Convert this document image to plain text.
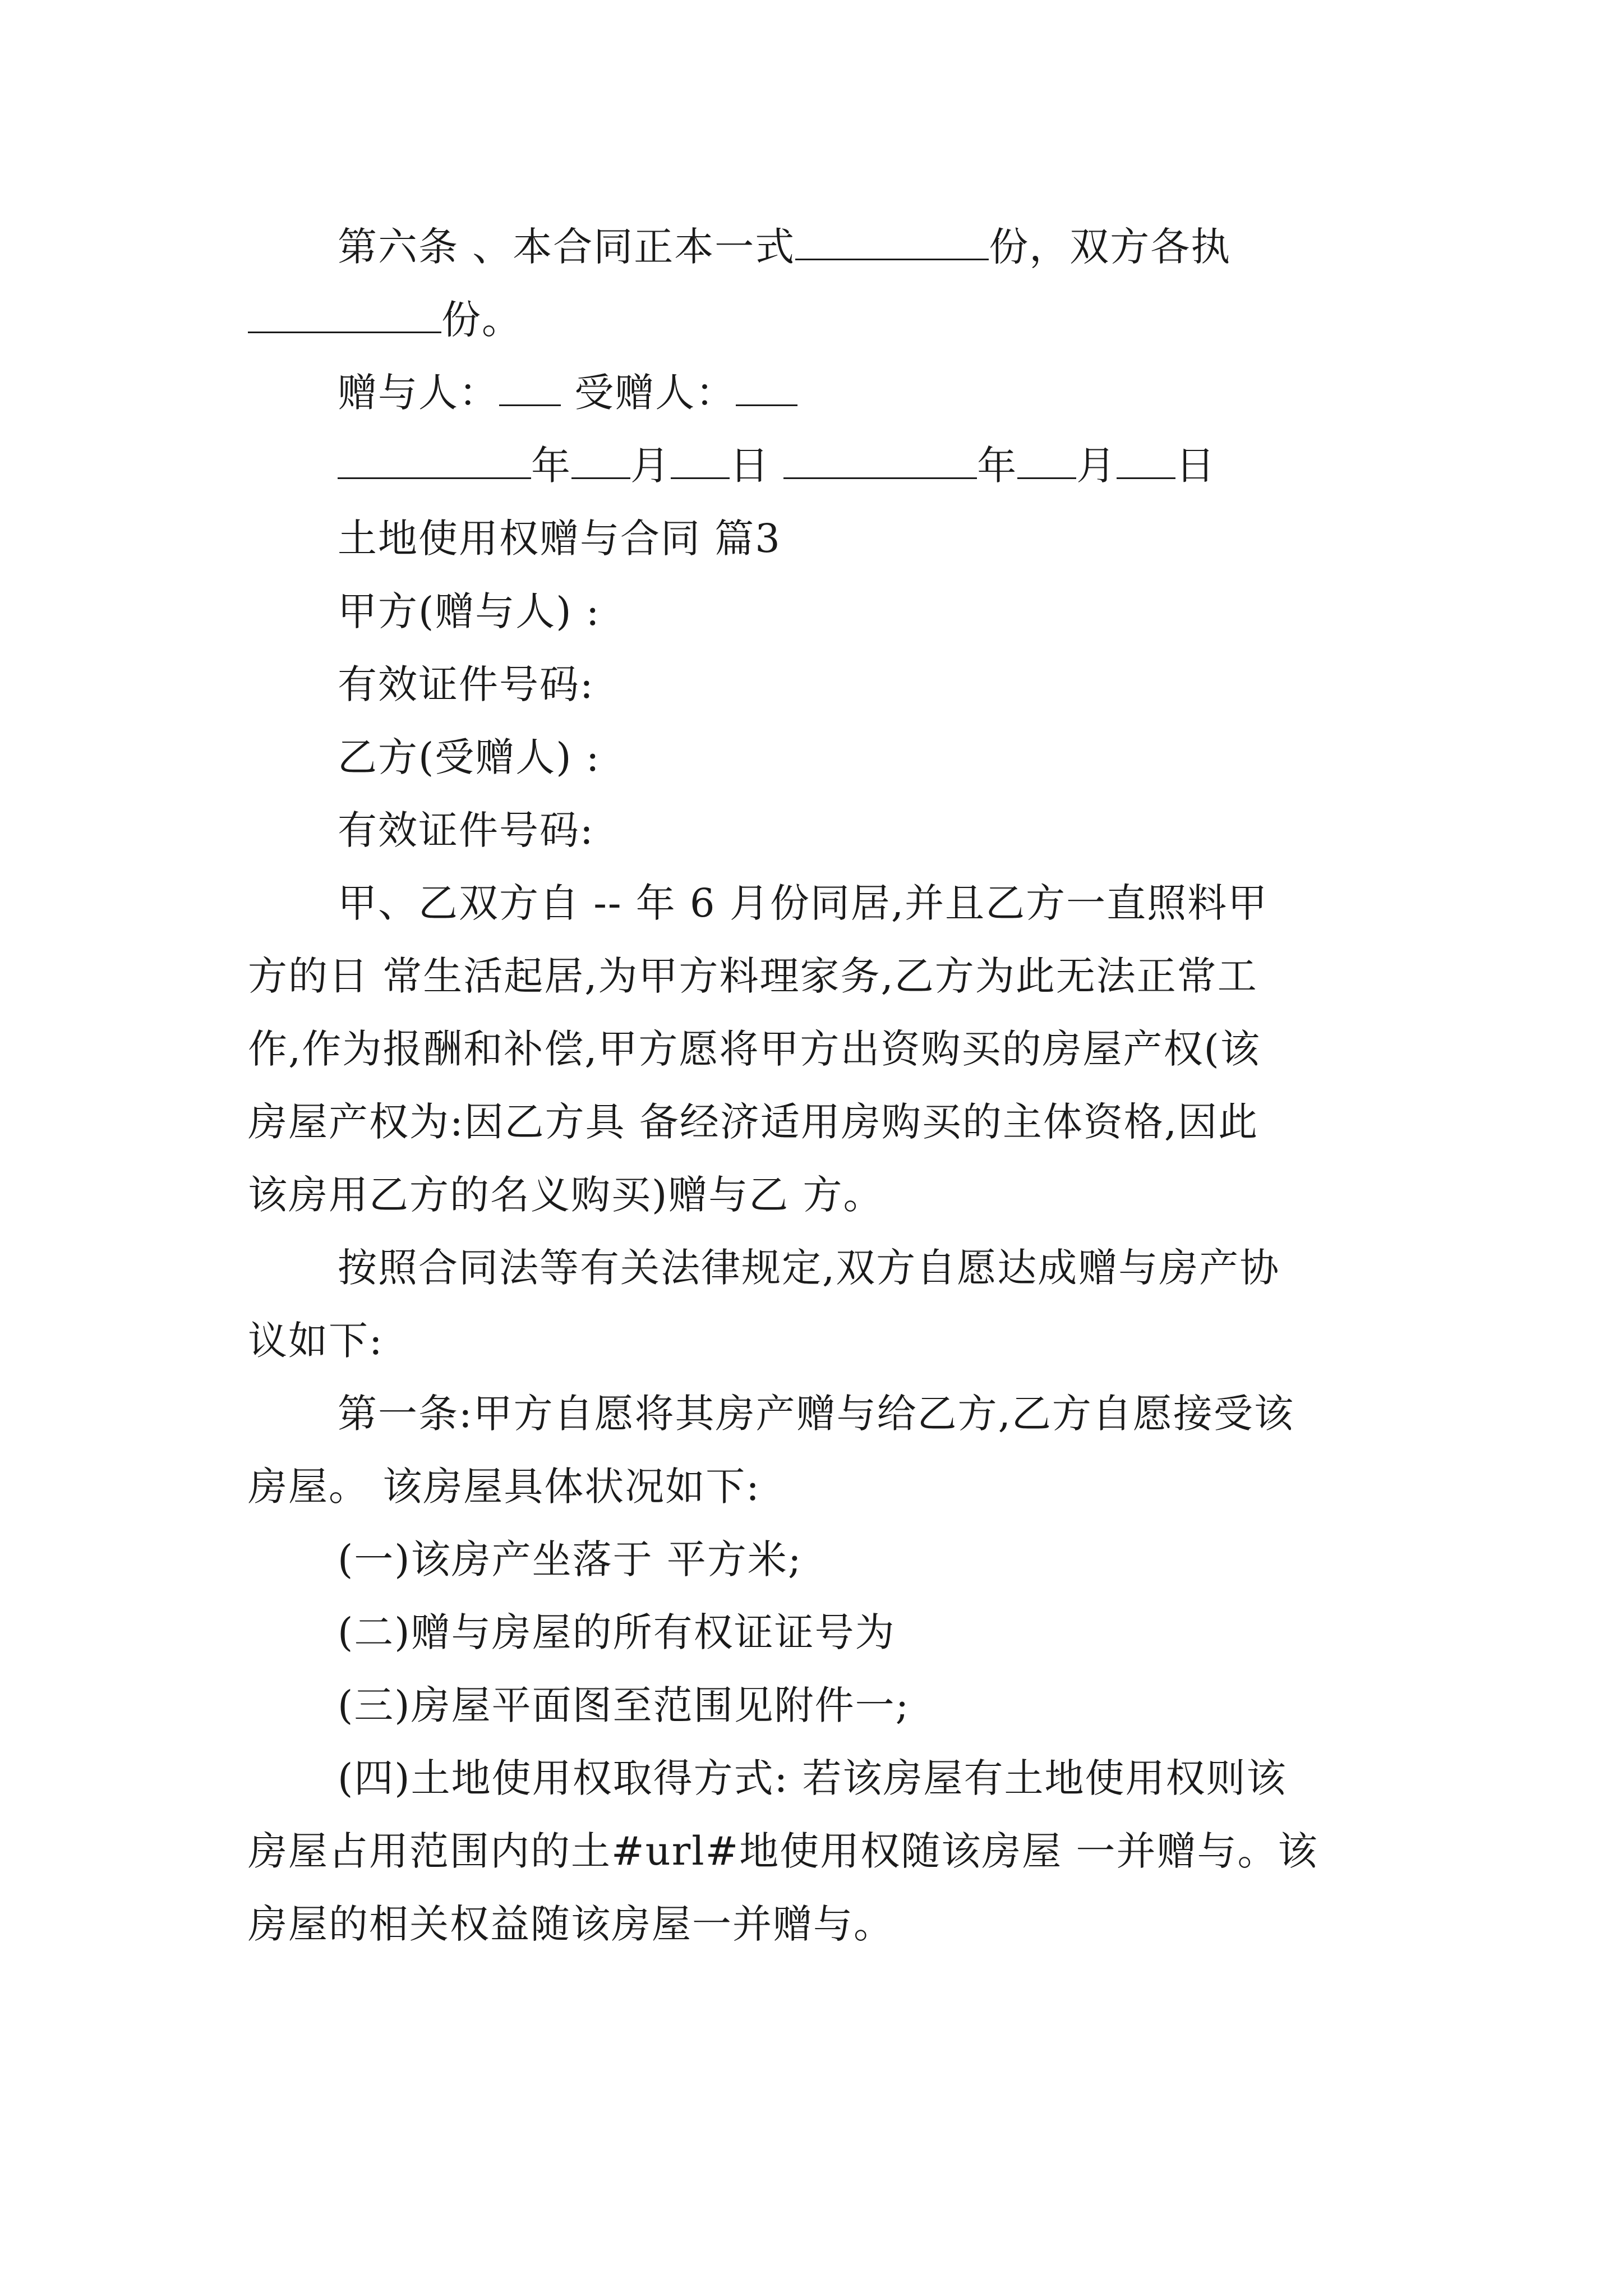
第六条 、本合同正本一式	份，双方各执
份。
赠与人： 受赠人：
年 月 日	年 月 日
土地使用权赠与合同 篇3
甲方(赠与人) :
有效证件号码:
乙方(受赠人) :
有效证件号码:
甲、乙双方自 -- 年 6 月份同居,并且乙方一直照料甲
方的日 常生活起居,为甲方料理家务,乙方为此无法正常工
作,作为报酬和补偿,甲方愿将甲方出资购买的房屋产权(该
房屋产权为:因乙方具 备经济适用房购买的主体资格,因此
该房用乙方的名义购买)赠与乙 方。
按照合同法等有关法律规定,双方自愿达成赠与房产协
议如下:
第一条:甲方自愿将其房产赠与给乙方,乙方自愿接受该
房屋。 该房屋具体状况如下:
(一)该房产坐落于 平方米;
(二)赠与房屋的所有权证证号为
(三)房屋平面图至范围见附件一;
(四)土地使用权取得方式: 若该房屋有土地使用权则该
房屋占用范围内的土#url#地使用权随该房屋 一并赠与。该
房屋的相关权益随该房屋一并赠与。
